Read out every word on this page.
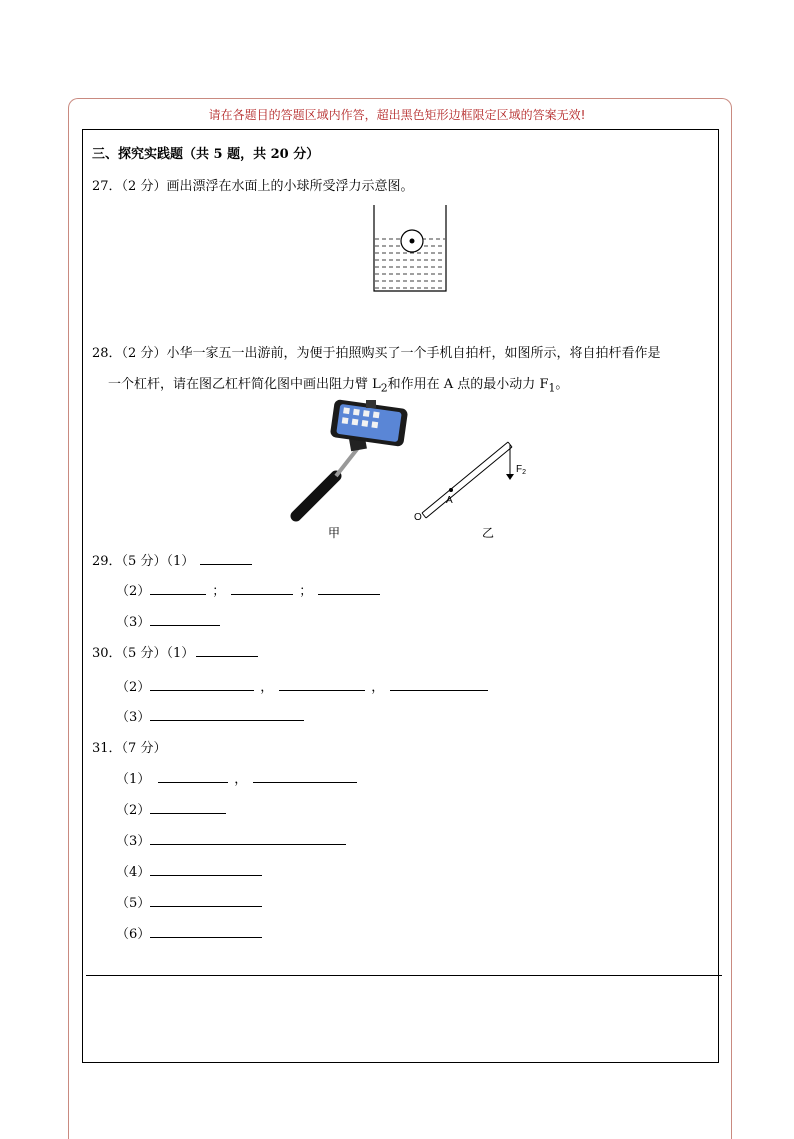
请在各题目的答题区域内作答，超出黑色矩形边框限定区域的答案无效!
三、探究实践题（共 5 题，共 20 分）
27．（2 分）画出漂浮在水面上的小球所受浮力示意图。
28．（2 分）小华一家五一出游前，为便于拍照购买了一个手机自拍杆，如图所示，将自拍杆看作是
一个杠杆，请在图乙杠杆简化图中画出阻力臂 $L_2$和作用在 A 点的最小动力 $F_1$。
甲
O
A
$F_2$
乙
29．（5 分）（1）
（2）	；	；
（3）
30．（5 分）（1）
（2）	，	，
（3）
31．（7 分）
（1）	，
（2）
（3）
（4）
（5）
（6）
